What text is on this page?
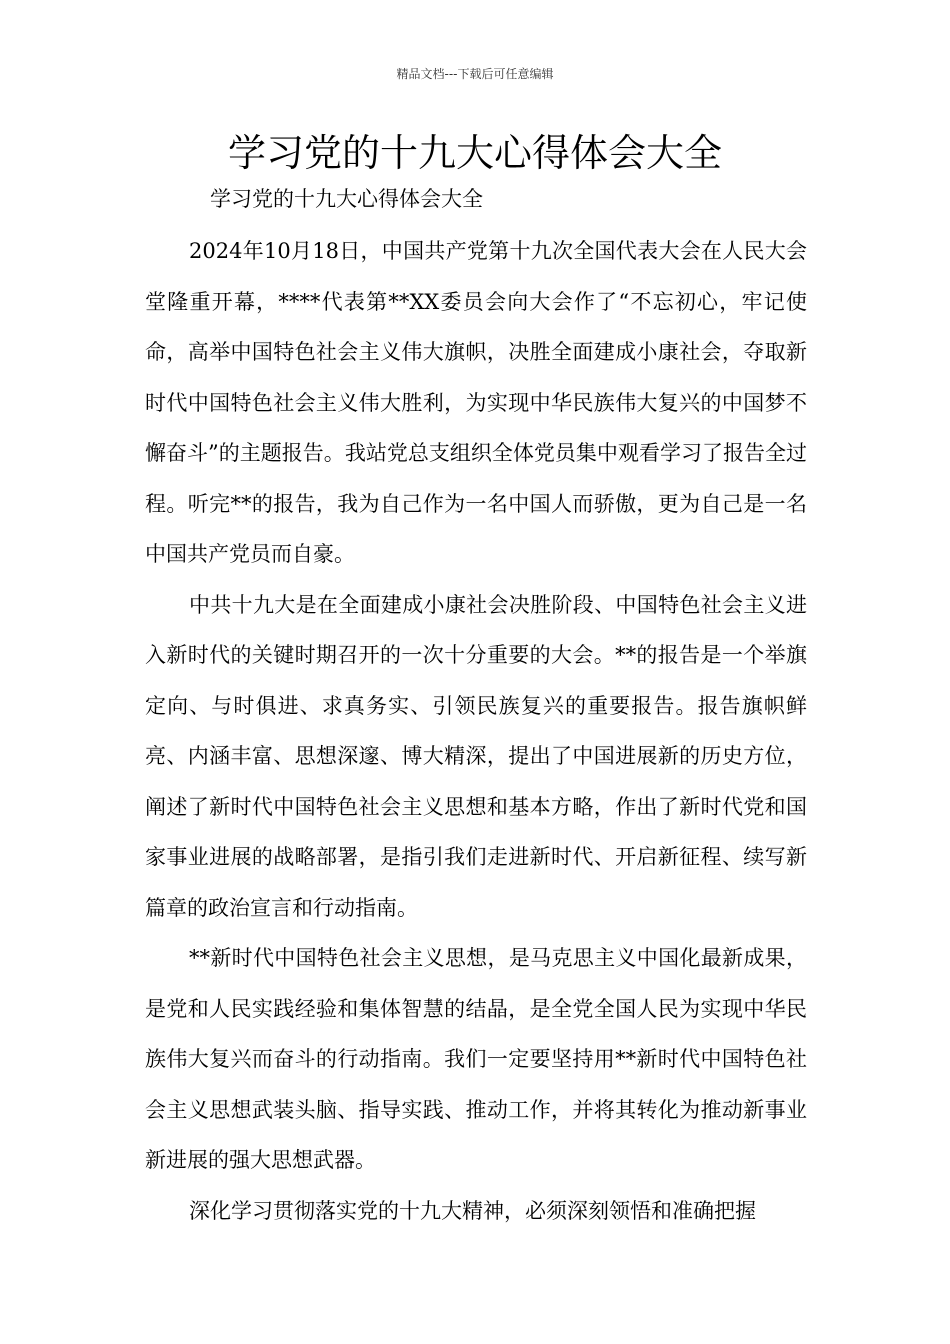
精品文档---下载后可任意编辑
学习党的十九大心得体会大全
学习党的十九大心得体会大全

2024年10月18日，中国共产党第十九次全国代表大会在人民大会堂隆重开幕，****代表第**XX委员会向大会作了“不忘初心，牢记使命，高举中国特色社会主义伟大旗帜，决胜全面建成小康社会，夺取新时代中国特色社会主义伟大胜利，为实现中华民族伟大复兴的中国梦不懈奋斗”的主题报告。我站党总支组织全体党员集中观看学习了报告全过程。听完**的报告，我为自己作为一名中国人而骄傲，更为自己是一名中国共产党员而自豪。

中共十九大是在全面建成小康社会决胜阶段、中国特色社会主义进入新时代的关键时期召开的一次十分重要的大会。**的报告是一个举旗定向、与时俱进、求真务实、引领民族复兴的重要报告。报告旗帜鲜亮、内涵丰富、思想深邃、博大精深，提出了中国进展新的历史方位，阐述了新时代中国特色社会主义思想和基本方略，作出了新时代党和国家事业进展的战略部署，是指引我们走进新时代、开启新征程、续写新篇章的政治宣言和行动指南。

**新时代中国特色社会主义思想，是马克思主义中国化最新成果，是党和人民实践经验和集体智慧的结晶，是全党全国人民为实现中华民族伟大复兴而奋斗的行动指南。我们一定要坚持用**新时代中国特色社会主义思想武装头脑、指导实践、推动工作，并将其转化为推动新事业新进展的强大思想武器。

深化学习贯彻落实党的十九大精神，必须深刻领悟和准确把握
